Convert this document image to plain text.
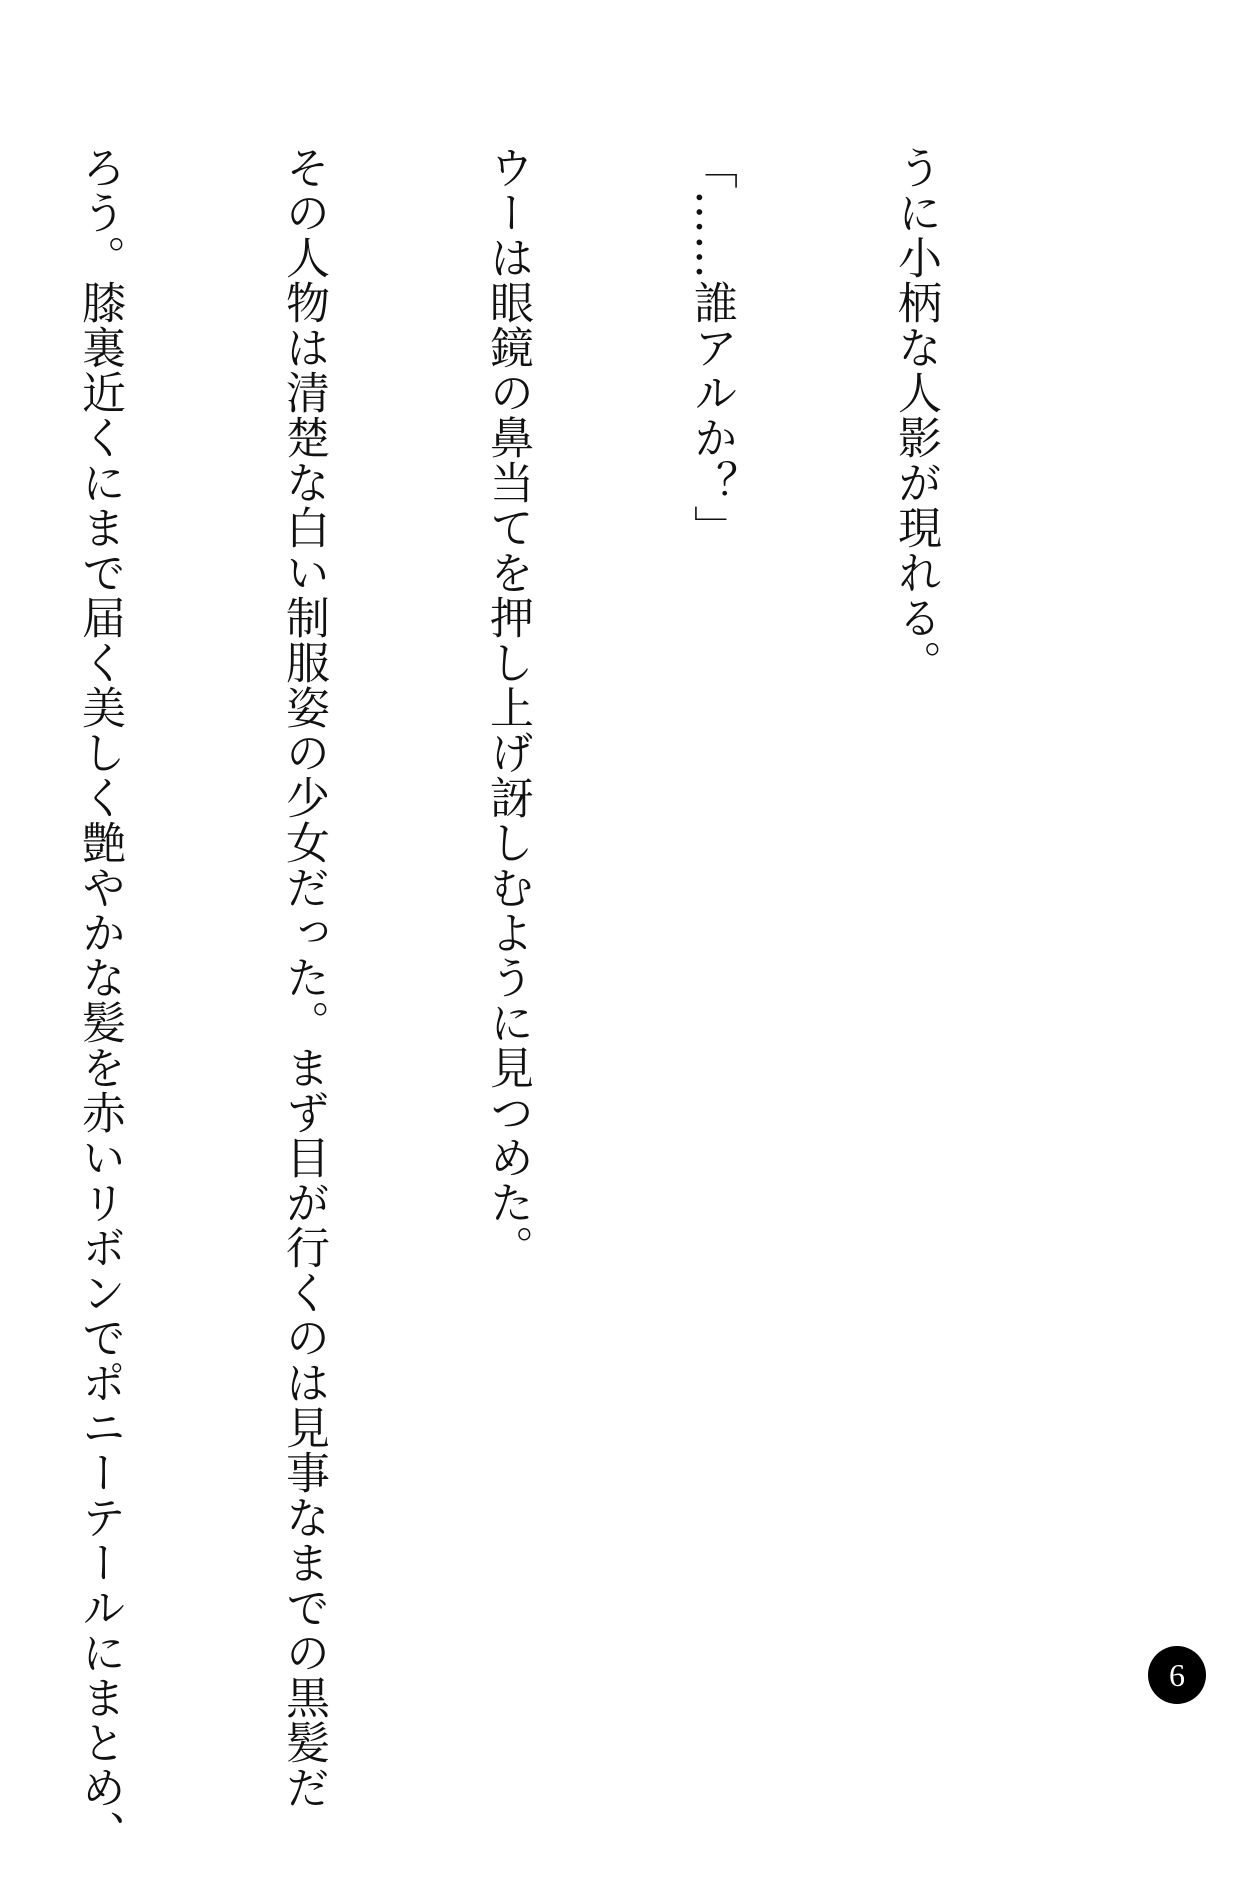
うに小柄な人影が現れる。

「……誰アルか？」

ウーは眼鏡の鼻当てを押し上げ訝しむように見つめた。

その人物は清楚な白い制服姿の少女だった。まず目が行くのは見事なまでの黒髪だ

ろう。膝裏近くにまで届く美しく艶やかな髪を赤いリボンでポニーテールにまとめ、

	6
